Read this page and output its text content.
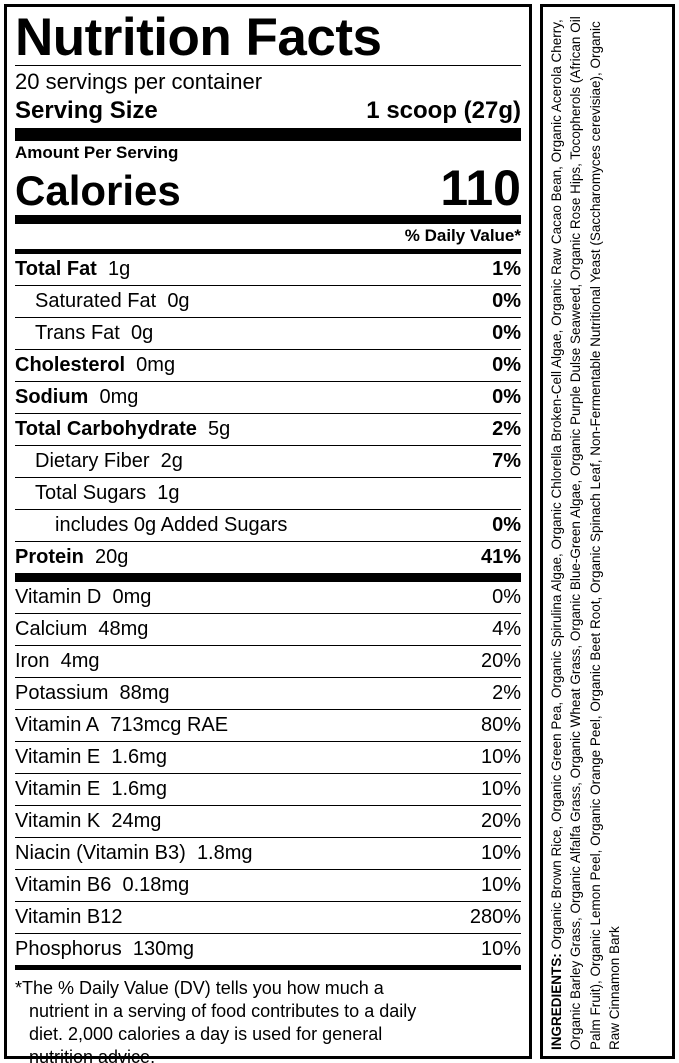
Nutrition Facts
20 servings per container
Serving Size	1 scoop (27g)
Amount Per Serving
Calories	110
% Daily Value*
Total Fat 1g	1%
Saturated Fat 0g	0%
Trans Fat 0g	0%
Cholesterol 0mg	0%
Sodium 0mg	0%
Total Carbohydrate 5g	2%
Dietary Fiber 2g	7%
Total Sugars 1g
includes 0g Added Sugars	0%
Protein 20g	41%
Vitamin D 0mg	0%
Calcium 48mg	4%
Iron 4mg	20%
Potassium 88mg	2%
Vitamin A 713mcg RAE	80%
Vitamin E 1.6mg	10%
Vitamin E 1.6mg	10%
Vitamin K 24mg	20%
Niacin (Vitamin B3) 1.8mg	10%
Vitamin B6 0.18mg	10%
Vitamin B12	280%
Phosphorus 130mg	10%
*The % Daily Value (DV) tells you how much a
nutrient in a serving of food contributes to a daily
diet. 2,000 calories a day is used for general
nutrition advice.
INGREDIENTS: Organic Brown Rice, Organic Green Pea, Organic Spirulina Algae, Organic Chlorella Broken-Cell Algae, Organic Raw Cacao Bean, Organic Acerola Cherry, Organic Barley Grass, Organic Alfalfa Grass, Organic Wheat Grass, Organic Blue-Green Algae, Organic Purple Dulse Seaweed, Organic Rose Hips, Tocopherols (African Oil Palm Fruit), Organic Lemon Peel, Organic Orange Peel, Organic Beet Root, Organic Spinach Leaf, Non-Fermentable Nutritional Yeast (Saccharomyces cerevisiae), Organic Raw Cinnamon Bark
